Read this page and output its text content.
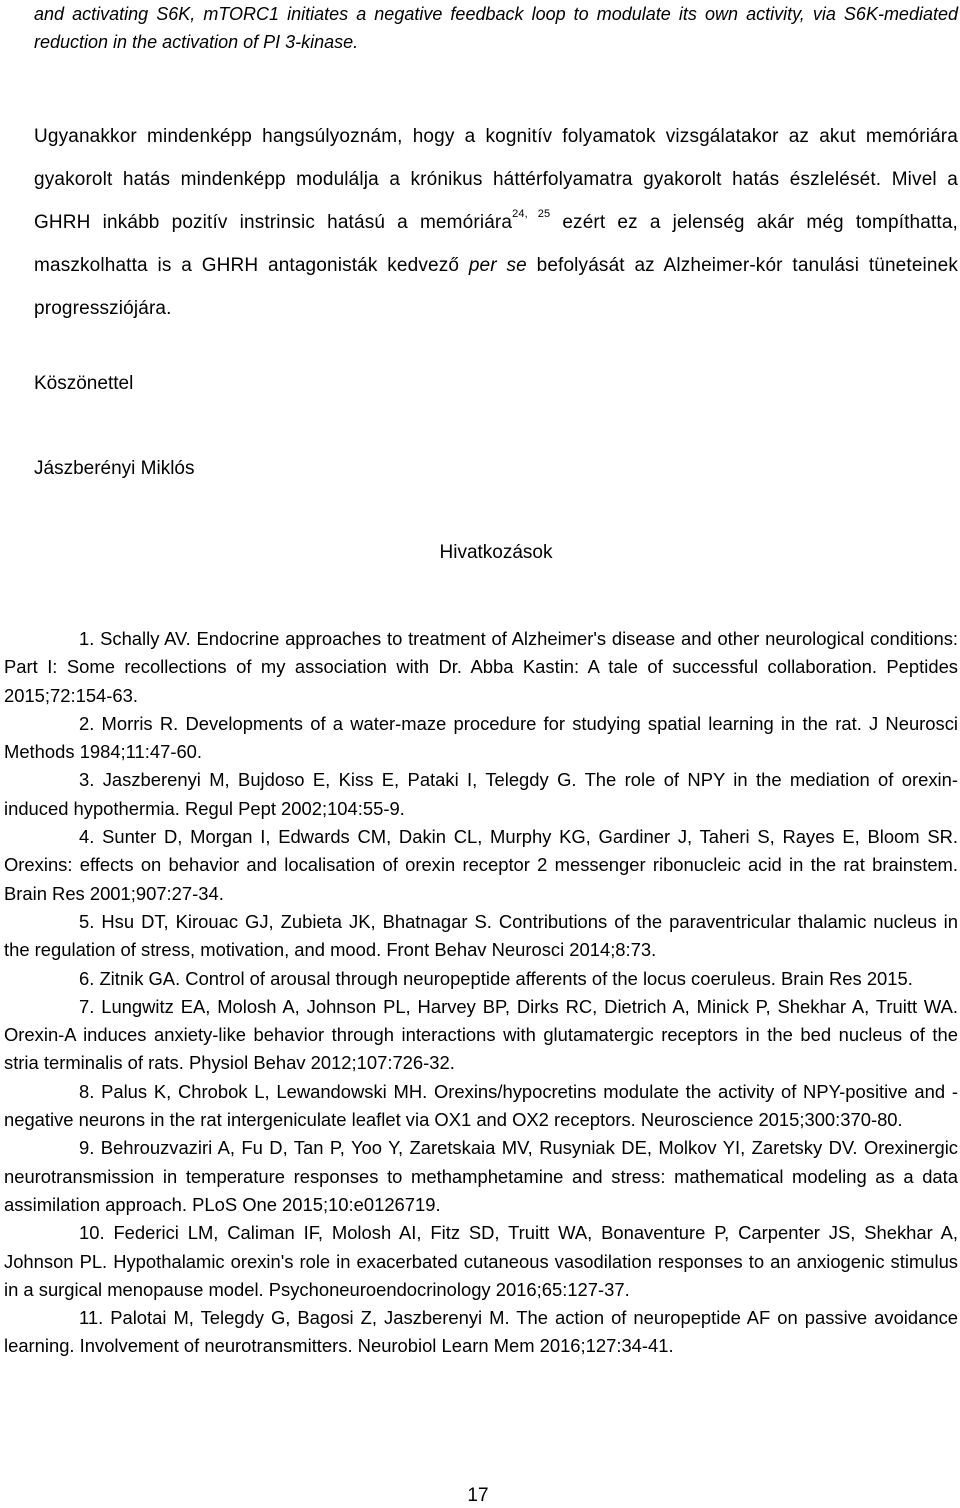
and activating S6K, mTORC1 initiates a negative feedback loop to modulate its own activity, via S6K-mediated reduction in the activation of PI 3-kinase.
Ugyanakkor mindenképp hangsúlyoznám, hogy a kognitív folyamatok vizsgálatakor az akut memóriára gyakorolt hatás mindenképp modulálja a krónikus háttérfolyamatra gyakorolt hatás észlelését. Mivel a GHRH inkább pozitív instrinsic hatású a memóriára$^{24, 25}$ ezért ez a jelenség akár még tompíthatta, maszkolhatta is a GHRH antagonisták kedvező per se befolyását az Alzheimer-kór tanulási tüneteinek progressziójára.
Köszönettel
Jászberényi Miklós
Hivatkozások

1. Schally AV. Endocrine approaches to treatment of Alzheimer's disease and other neurological conditions: Part I: Some recollections of my association with Dr. Abba Kastin: A tale of successful collaboration. Peptides 2015;72:154-63.

2. Morris R. Developments of a water-maze procedure for studying spatial learning in the rat. J Neurosci Methods 1984;11:47-60.

3. Jaszberenyi M, Bujdoso E, Kiss E, Pataki I, Telegdy G. The role of NPY in the mediation of orexin-induced hypothermia. Regul Pept 2002;104:55-9.

4. Sunter D, Morgan I, Edwards CM, Dakin CL, Murphy KG, Gardiner J, Taheri S, Rayes E, Bloom SR. Orexins: effects on behavior and localisation of orexin receptor 2 messenger ribonucleic acid in the rat brainstem. Brain Res 2001;907:27-34.

5. Hsu DT, Kirouac GJ, Zubieta JK, Bhatnagar S. Contributions of the paraventricular thalamic nucleus in the regulation of stress, motivation, and mood. Front Behav Neurosci 2014;8:73.

6. Zitnik GA. Control of arousal through neuropeptide afferents of the locus coeruleus. Brain Res 2015.

7. Lungwitz EA, Molosh A, Johnson PL, Harvey BP, Dirks RC, Dietrich A, Minick P, Shekhar A, Truitt WA. Orexin-A induces anxiety-like behavior through interactions with glutamatergic receptors in the bed nucleus of the stria terminalis of rats. Physiol Behav 2012;107:726-32.

8. Palus K, Chrobok L, Lewandowski MH. Orexins/hypocretins modulate the activity of NPY-positive and -negative neurons in the rat intergeniculate leaflet via OX1 and OX2 receptors. Neuroscience 2015;300:370-80.

9. Behrouzvaziri A, Fu D, Tan P, Yoo Y, Zaretskaia MV, Rusyniak DE, Molkov YI, Zaretsky DV. Orexinergic neurotransmission in temperature responses to methamphetamine and stress: mathematical modeling as a data assimilation approach. PLoS One 2015;10:e0126719.

10. Federici LM, Caliman IF, Molosh AI, Fitz SD, Truitt WA, Bonaventure P, Carpenter JS, Shekhar A, Johnson PL. Hypothalamic orexin's role in exacerbated cutaneous vasodilation responses to an anxiogenic stimulus in a surgical menopause model. Psychoneuroendocrinology 2016;65:127-37.

11. Palotai M, Telegdy G, Bagosi Z, Jaszberenyi M. The action of neuropeptide AF on passive avoidance learning. Involvement of neurotransmitters. Neurobiol Learn Mem 2016;127:34-41.

17
